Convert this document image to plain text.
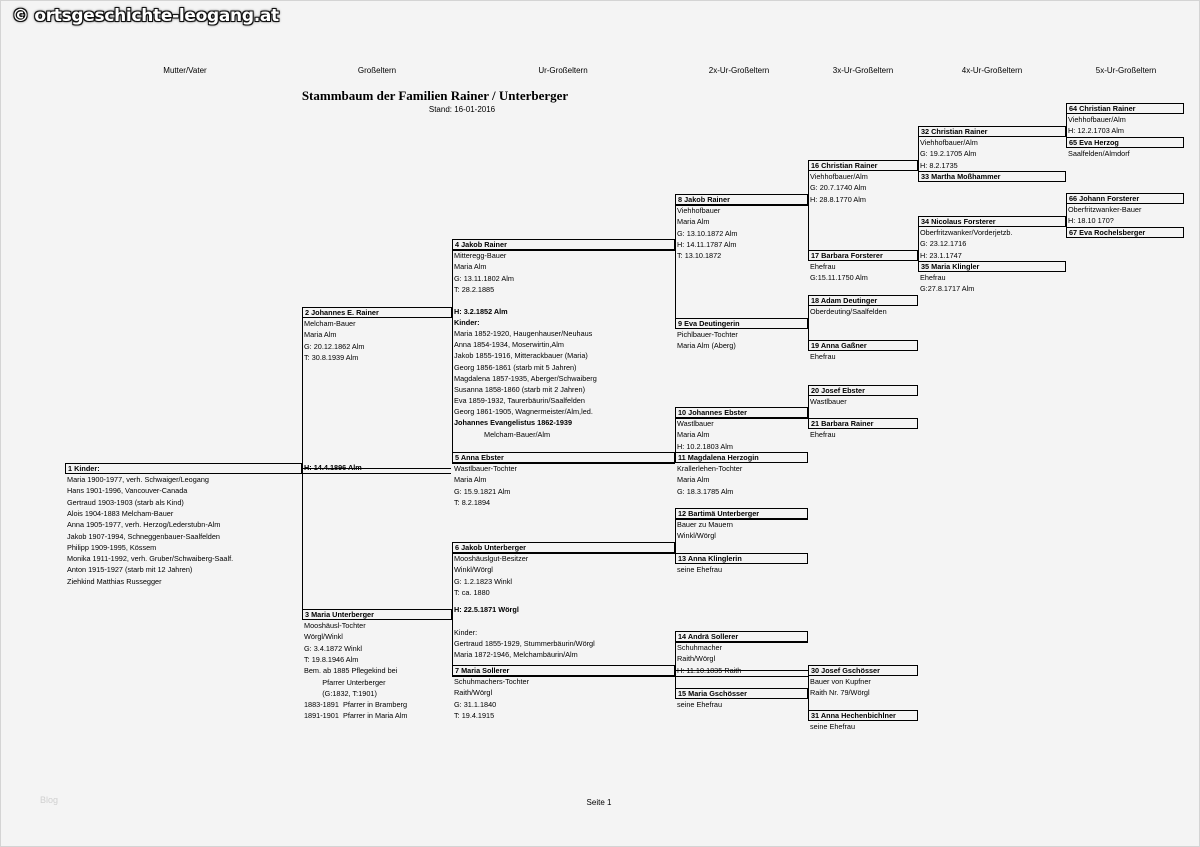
© ortsgeschichte-leogang.at
Mutter/Vater	Großeltern	Ur-Großeltern	2x-Ur-Großeltern	3x-Ur-Großeltern	4x-Ur-Großeltern	5x-Ur-Großeltern
Stammbaum der Familien Rainer / Unterberger
Stand: 16-01-2016
1 Kinder:
Maria 1900-1977, verh. Schwaiger/Leogang
Hans 1901-1996, Vancouver-Canada
Gertraud 1903-1903 (starb als Kind)
Alois 1904-1883 Melcham-Bauer
Anna 1905-1977, verh. Herzog/Lederstubn-Alm
Jakob 1907-1994, Schneggenbauer-Saalfelden
Philipp 1909-1995, Kössem
Monika 1911-1992, verh. Gruber/Schwaiberg-Saalf.
Anton 1915-1927 (starb mit 12 Jahren)
Ziehkind Matthias Russegger
2 Johannes E. Rainer
Melcham-Bauer
Maria Alm
G: 20.12.1862 Alm
T: 30.8.1939 Alm
3 Maria Unterberger
Mooshäusl-Tochter
Wörgl/Winkl
G: 3.4.1872 Winkl
T: 19.8.1946 Alm
Bem. ab 1885 Pflegekind bei
Pfarrer Unterberger
(G:1832, T:1901)
1883-1891  Pfarrer in Bramberg
1891-1901  Pfarrer in Maria Alm
4 Jakob Rainer
Mitteregg-Bauer
Maria Alm
G: 13.11.1802 Alm
T: 28.2.1885
5 Anna Ebster
Wastlbauer-Tochter
Maria Alm
G: 15.9.1821 Alm
T: 8.2.1894
6 Jakob Unterberger
Mooshäuslgut-Besitzer
Winkl/Wörgl
G: 1.2.1823 Winkl
T: ca. 1880
7 Maria Sollerer
Schuhmachers-Tochter
Raith/Wörgl
G: 31.1.1840
T: 19.4.1915
8 Jakob Rainer
Viehhofbauer
Maria Alm
G: 13.10.1872 Alm
H: 14.11.1787 Alm
T: 13.10.1872
9 Eva Deutingerin
Pichlbauer-Tochter
Maria Alm (Aberg)
10 Johannes Ebster
Wastlbauer
Maria Alm
H: 10.2.1803 Alm
11 Magdalena Herzogin
Krallerlehen-Tochter
Maria Alm
G: 18.3.1785 Alm
12 Bartimä Unterberger
Bauer zu Mauern
Winkl/Wörgl
13 Anna Klinglerin
seine Ehefrau
14 Andrä Sollerer
Schuhmacher
Raith/Wörgl
H: 11.10.1835 Raith
15 Maria Gschösser
seine Ehefrau
16 Christian Rainer
Viehhofbauer/Alm
G: 20.7.1740 Alm
H: 28.8.1770 Alm
17 Barbara Forsterer
Ehefrau
G:15.11.1750 Alm
18 Adam Deutinger
Oberdeuting/Saalfelden
19 Anna Gaßner
Ehefrau
20 Josef Ebster
Wastlbauer
21 Barbara Rainer
Ehefrau
30 Josef Gschösser
Bauer von Kupfner
Raith Nr. 79/Wörgl
31 Anna Hechenbichlner
seine Ehefrau
32 Christian Rainer
Viehhofbauer/Alm
G: 19.2.1705 Alm
H: 8.2.1735
33 Martha Moßhammer
34 Nicolaus Forsterer
Oberfritzwanker/Vorderjetzb.
G: 23.12.1716
H: 23.1.1747
35 Maria Klingler
Ehefrau
G:27.8.1717 Alm
64 Christian Rainer
Viehhofbauer/Alm
H: 12.2.1703 Alm
65 Eva Herzog
Saalfelden/Almdorf
66 Johann Forsterer
Oberfritzwanker-Bauer
H: 18.10 170?
67 Eva Rochelsberger
H: 14.4.1896 Alm
H: 3.2.1852 Alm
Kinder:
Maria 1852-1920, Haugenhauser/Neuhaus
Anna 1854-1934, Moserwirtin,Alm
Jakob 1855-1916, Mitterackbauer (Maria)
Georg 1856-1861 (starb mit 5 Jahren)
Magdalena 1857-1935, Aberger/Schwaiberg
Susanna 1858-1860 (starb mit 2 Jahren)
Eva 1859-1932, Taurerbäurin/Saalfelden
Georg 1861-1905, Wagnermeister/Alm,led.
Johannes Evangelistus 1862-1939
Melcham-Bauer/Alm
H: 22.5.1871 Wörgl
Kinder:
Gertraud 1855-1929, Stummerbäurin/Wörgl
Maria 1872-1946, Melchambäurin/Alm
Blog	Seite 1
